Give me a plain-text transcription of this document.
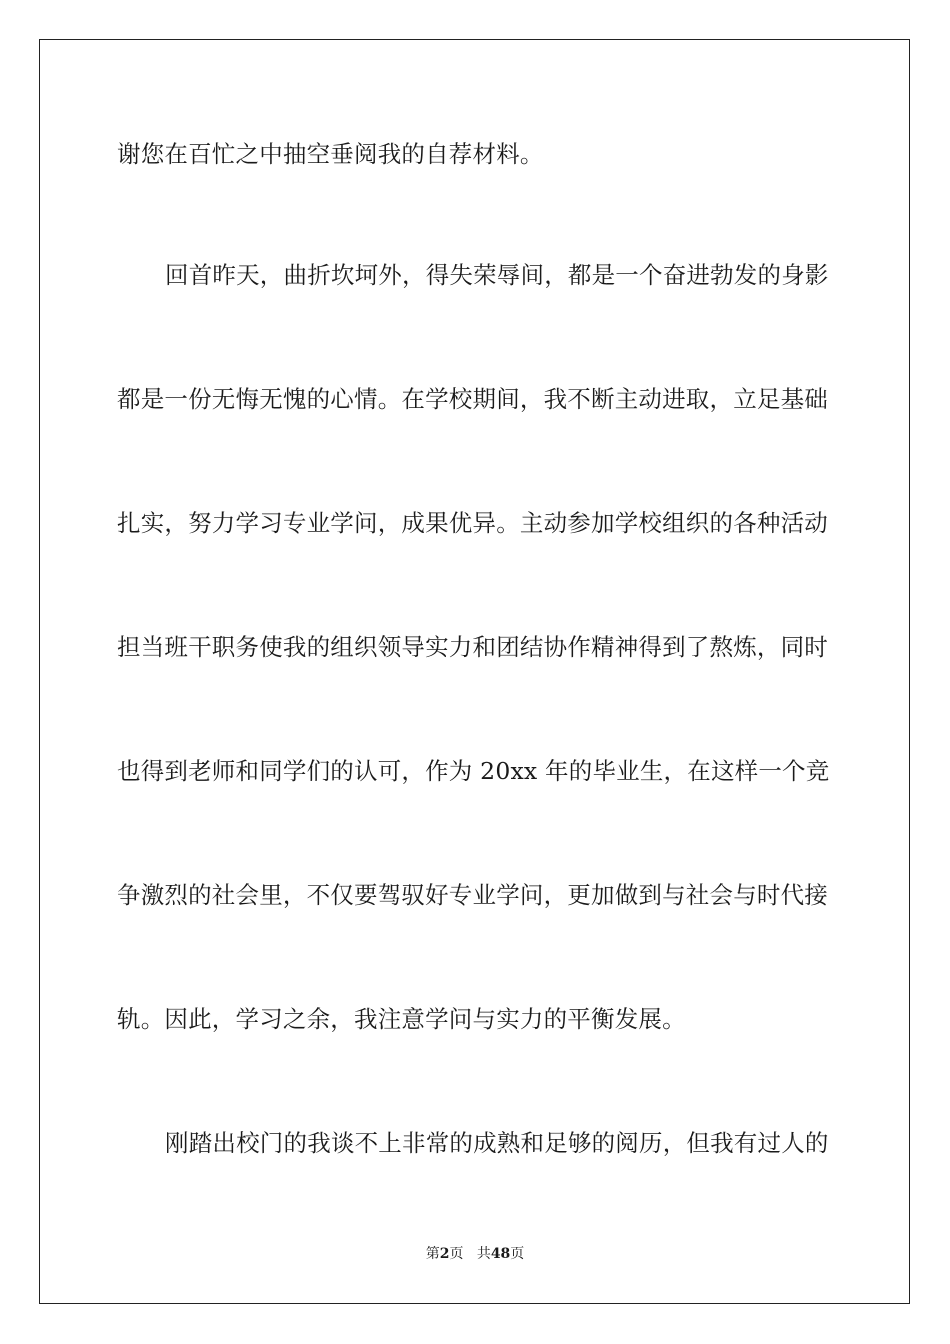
谢您在百忙之中抽空垂阅我的自荐材料。

回首昨天，曲折坎坷外，得失荣辱间，都是一个奋进勃发的身影

都是一份无悔无愧的心情。在学校期间，我不断主动进取，立足基础

扎实，努力学习专业学问，成果优异。主动参加学校组织的各种活动

担当班干职务使我的组织领导实力和团结协作精神得到了熬炼，同时

也得到老师和同学们的认可，作为 20xx 年的毕业生，在这样一个竞

争激烈的社会里，不仅要驾驭好专业学问，更加做到与社会与时代接

轨。因此，学习之余，我注意学问与实力的平衡发展。

刚踏出校门的我谈不上非常的成熟和足够的阅历，但我有过人的

第2页 共48页
